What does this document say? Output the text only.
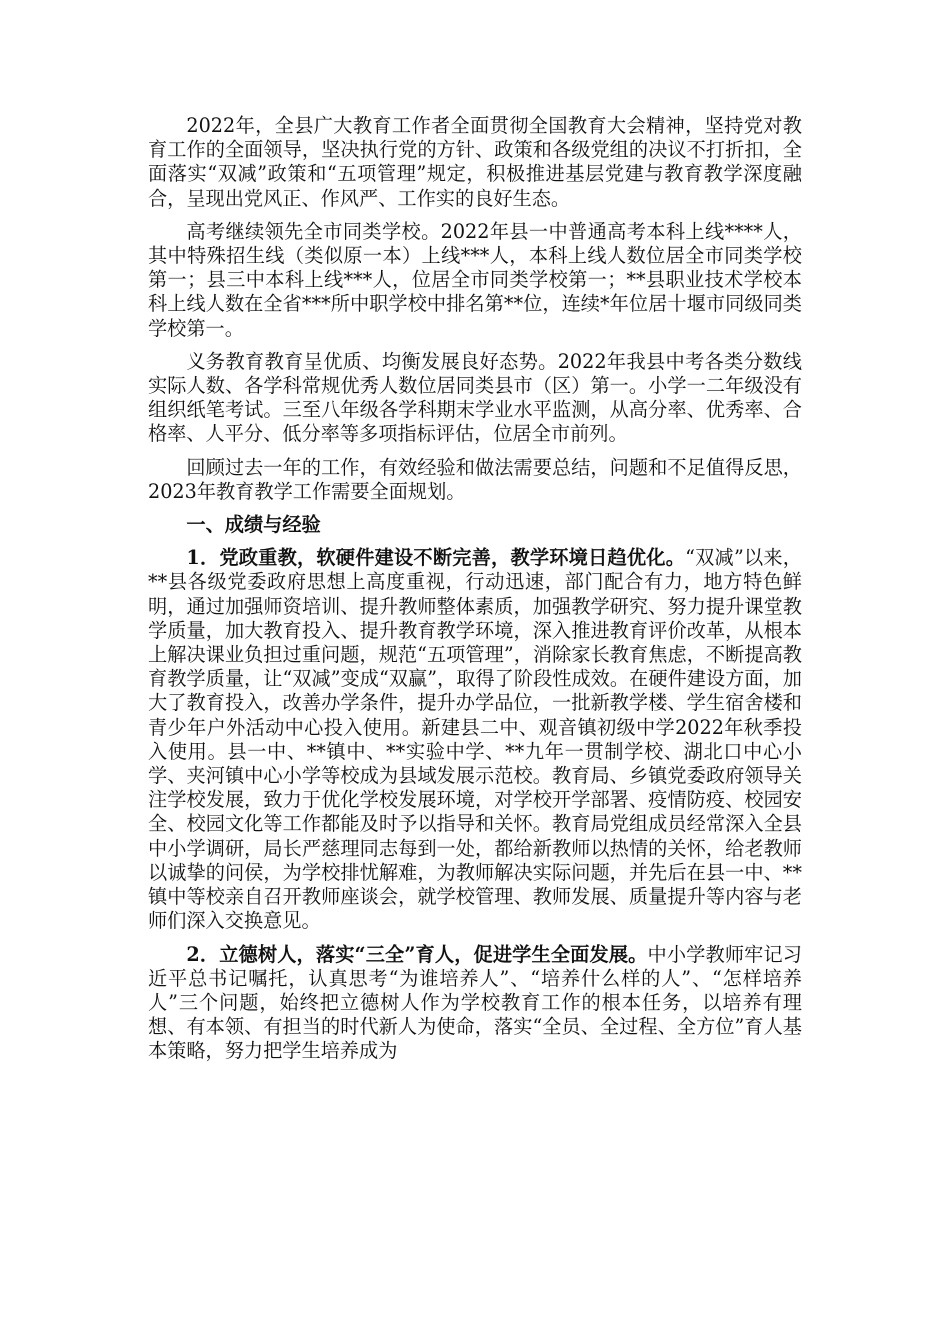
2022年，全县广大教育工作者全面贯彻全国教育大会精神，坚持党对教育工作的全面领导，坚决执行党的方针、政策和各级党组的决议不打折扣，全面落实“双减”政策和“五项管理”规定，积极推进基层党建与教育教学深度融合，呈现出党风正、作风严、工作实的良好生态。

高考继续领先全市同类学校。2022年县一中普通高考本科上线****人，其中特殊招生线（类似原一本）上线***人，本科上线人数位居全市同类学校第一；县三中本科上线***人，位居全市同类学校第一；**县职业技术学校本科上线人数在全省***所中职学校中排名第**位，连续*年位居十堰市同级同类学校第一。

义务教育教育呈优质、均衡发展良好态势。2022年我县中考各类分数线实际人数、各学科常规优秀人数位居同类县市（区）第一。小学一二年级没有组织纸笔考试。三至八年级各学科期末学业水平监测，从高分率、优秀率、合格率、人平分、低分率等多项指标评估，位居全市前列。

回顾过去一年的工作，有效经验和做法需要总结，问题和不足值得反思，2023年教育教学工作需要全面规划。

一、成绩与经验

1．党政重教，软硬件建设不断完善，教学环境日趋优化。“双减”以来，**县各级党委政府思想上高度重视，行动迅速，部门配合有力，地方特色鲜明，通过加强师资培训、提升教师整体素质，加强教学研究、努力提升课堂教学质量，加大教育投入、提升教育教学环境，深入推进教育评价改革，从根本上解决课业负担过重问题，规范“五项管理”，消除家长教育焦虑，不断提高教育教学质量，让“双减”变成“双赢”，取得了阶段性成效。在硬件建设方面，加大了教育投入，改善办学条件，提升办学品位，一批新教学楼、学生宿舍楼和青少年户外活动中心投入使用。新建县二中、观音镇初级中学2022年秋季投入使用。县一中、**镇中、**实验中学、**九年一贯制学校、湖北口中心小学、夹河镇中心小学等校成为县域发展示范校。教育局、乡镇党委政府领导关注学校发展，致力于优化学校发展环境，对学校开学部署、疫情防疫、校园安全、校园文化等工作都能及时予以指导和关怀。教育局党组成员经常深入全县中小学调研，局长严慈理同志每到一处，都给新教师以热情的关怀，给老教师以诚挚的问侯，为学校排忧解难，为教师解决实际问题，并先后在县一中、**镇中等校亲自召开教师座谈会，就学校管理、教师发展、质量提升等内容与老师们深入交换意见。

2．立德树人，落实“三全”育人，促进学生全面发展。中小学教师牢记习近平总书记嘱托，认真思考“为谁培养人”、“培养什么样的人”、“怎样培养人”三个问题，始终把立德树人作为学校教育工作的根本任务，以培养有理想、有本领、有担当的时代新人为使命，落实“全员、全过程、全方位”育人基本策略，努力把学生培养成为
